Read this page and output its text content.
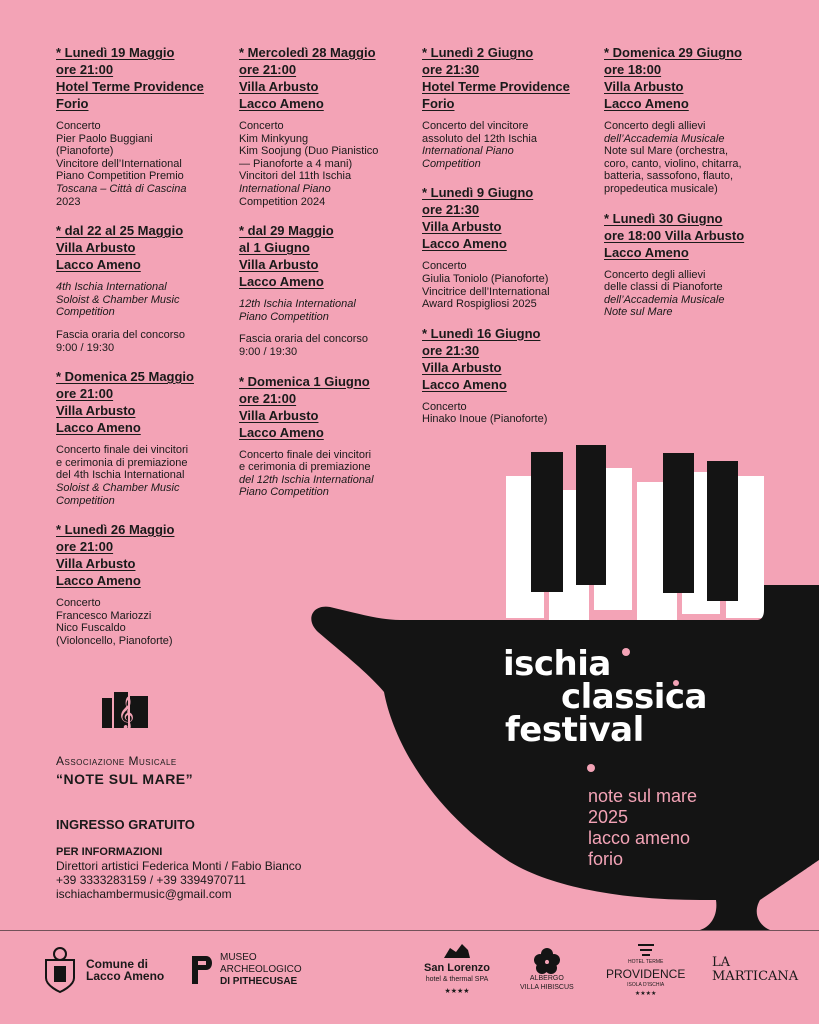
* Lunedì 19 Maggio
ore 21:00
Hotel Terme Providence
Forio
Concerto
Pier Paolo Buggiani
(Pianoforte)
Vincitore dell’International
Piano Competition Premio
Toscana – Città di Cascina
2023
* dal 22 al 25 Maggio
Villa Arbusto
Lacco Ameno
4th Ischia International
Soloist & Chamber Music
Competition
Fascia oraria del concorso
9:00 / 19:30
* Domenica 25 Maggio
ore 21:00
Villa Arbusto
Lacco Ameno
Concerto finale dei vincitori
e cerimonia di premiazione
del 4th Ischia International
Soloist & Chamber Music
Competition
* Lunedì 26 Maggio
ore 21:00
Villa Arbusto
Lacco Ameno
Concerto
Francesco Mariozzi
Nico Fuscaldo
(Violoncello, Pianoforte)
* Mercoledì 28 Maggio
ore 21:00
Villa Arbusto
Lacco Ameno
Concerto
Kim Minkyung
Kim Soojung (Duo Pianistico
— Pianoforte a 4 mani)
Vincitori del 11th Ischia
International Piano
Competition 2024
* dal 29 Maggio
al 1 Giugno
Villa Arbusto
Lacco Ameno
12th Ischia International
Piano Competition
Fascia oraria del concorso
9:00 / 19:30
* Domenica 1 Giugno
ore 21:00
Villa Arbusto
Lacco Ameno
Concerto finale dei vincitori
e cerimonia di premiazione
del 12th Ischia International
Piano Competition
* Lunedì 2 Giugno
ore 21:30
Hotel Terme Providence
Forio
Concerto del vincitore
assoluto del 12th Ischia
International Piano
Competition
* Lunedì 9 Giugno
ore 21:30
Villa Arbusto
Lacco Ameno
Concerto
Giulia Toniolo (Pianoforte)
Vincitrice dell’International
Award Rospigliosi 2025
* Lunedì 16 Giugno
ore 21:30
Villa Arbusto
Lacco Ameno
Concerto
Hinako Inoue (Pianoforte)
* Domenica 29 Giugno
ore 18:00
Villa Arbusto
Lacco Ameno
Concerto degli allievi
dell’Accademia Musicale
Note sul Mare (orchestra,
coro, canto, violino, chitarra,
batteria, sassofono, flauto,
propedeutica musicale)
* Lunedì 30 Giugno
ore 18:00 Villa Arbusto
Lacco Ameno
Concerto degli allievi
delle classi di Pianoforte
dell’Accademia Musicale
Note sul Mare
𝄞
Associazione Musicale
“NOTE SUL MARE”
INGRESSO GRATUITO
PER INFORMAZIONI
Direttori artistici Federica Monti / Fabio Bianco
+39 3333283159 / +39 3394970711
ischiachambermusic@gmail.com
ischia
classica
festival
note sul mare
2025
lacco ameno
forio
Comune di
Lacco Ameno
MUSEO
ARCHEOLOGICO
DI PITHECUSAE
San Lorenzo
hotel & thermal SPA
★★★★
ALBERGO
VILLA HIBISCUS
HOTEL TERME
PROVIDENCE
ISOLA D'ISCHIA
★★★★
LA
MARTICANA
